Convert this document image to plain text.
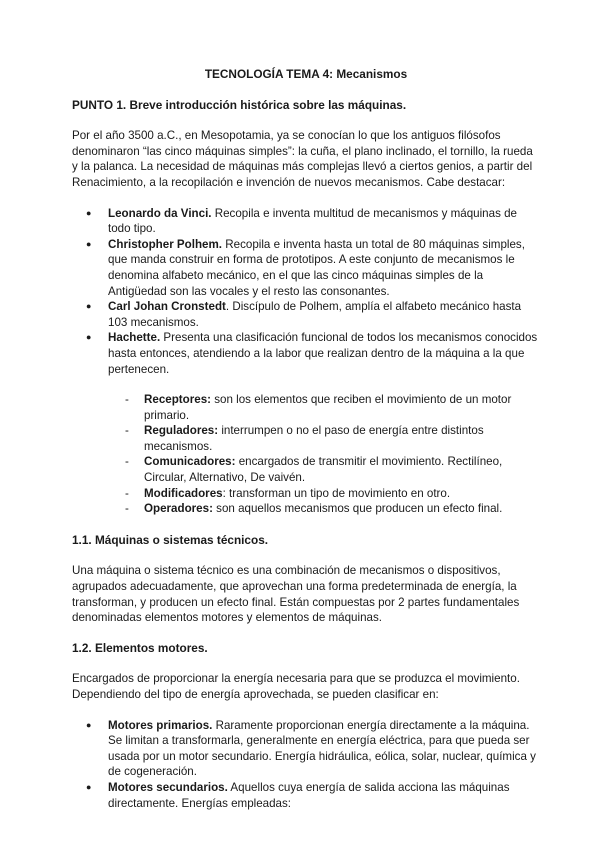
TECNOLOGÍA TEMA 4: Mecanismos
PUNTO 1. Breve introducción histórica sobre las máquinas.

Por el año 3500 a.C., en Mesopotamia, ya se conocían lo que los antiguos filósofos denominaron “las cinco máquinas simples”: la cuña, el plano inclinado, el tornillo, la rueda y la palanca. La necesidad de máquinas más complejas llevó a ciertos genios, a partir del Renacimiento, a la recopilación e invención de nuevos mecanismos. Cabe destacar:

● Leonardo da Vinci. Recopila e inventa multitud de mecanismos y máquinas de todo tipo.
● Christopher Polhem. Recopila e inventa hasta un total de 80 máquinas simples, que manda construir en forma de prototipos. A este conjunto de mecanismos le denomina alfabeto mecánico, en el que las cinco máquinas simples de la Antigüedad son las vocales y el resto las consonantes.
● Carl Johan Cronstedt. Discípulo de Polhem, amplía el alfabeto mecánico hasta 103 mecanismos.
● Hachette. Presenta una clasificación funcional de todos los mecanismos conocidos hasta entonces, atendiendo a la labor que realizan dentro de la máquina a la que pertenecen.
- Receptores: son los elementos que reciben el movimiento de un motor primario.
- Reguladores: interrumpen o no el paso de energía entre distintos mecanismos.
- Comunicadores: encargados de transmitir el movimiento. Rectilíneo, Circular, Alternativo, De vaivén.
- Modificadores: transforman un tipo de movimiento en otro.
- Operadores: son aquellos mecanismos que producen un efecto final.
1.1. Máquinas o sistemas técnicos.

Una máquina o sistema técnico es una combinación de mecanismos o dispositivos, agrupados adecuadamente, que aprovechan una forma predeterminada de energía, la transforman, y producen un efecto final. Están compuestas por 2 partes fundamentales denominadas elementos motores y elementos de máquinas.

1.2. Elementos motores.

Encargados de proporcionar la energía necesaria para que se produzca el movimiento. Dependiendo del tipo de energía aprovechada, se pueden clasificar en:

● Motores primarios. Raramente proporcionan energía directamente a la máquina. Se limitan a transformarla, generalmente en energía eléctrica, para que pueda ser usada por un motor secundario. Energía hidráulica, eólica, solar, nuclear, química y de cogeneración.
● Motores secundarios. Aquellos cuya energía de salida acciona las máquinas directamente. Energías empleadas:
